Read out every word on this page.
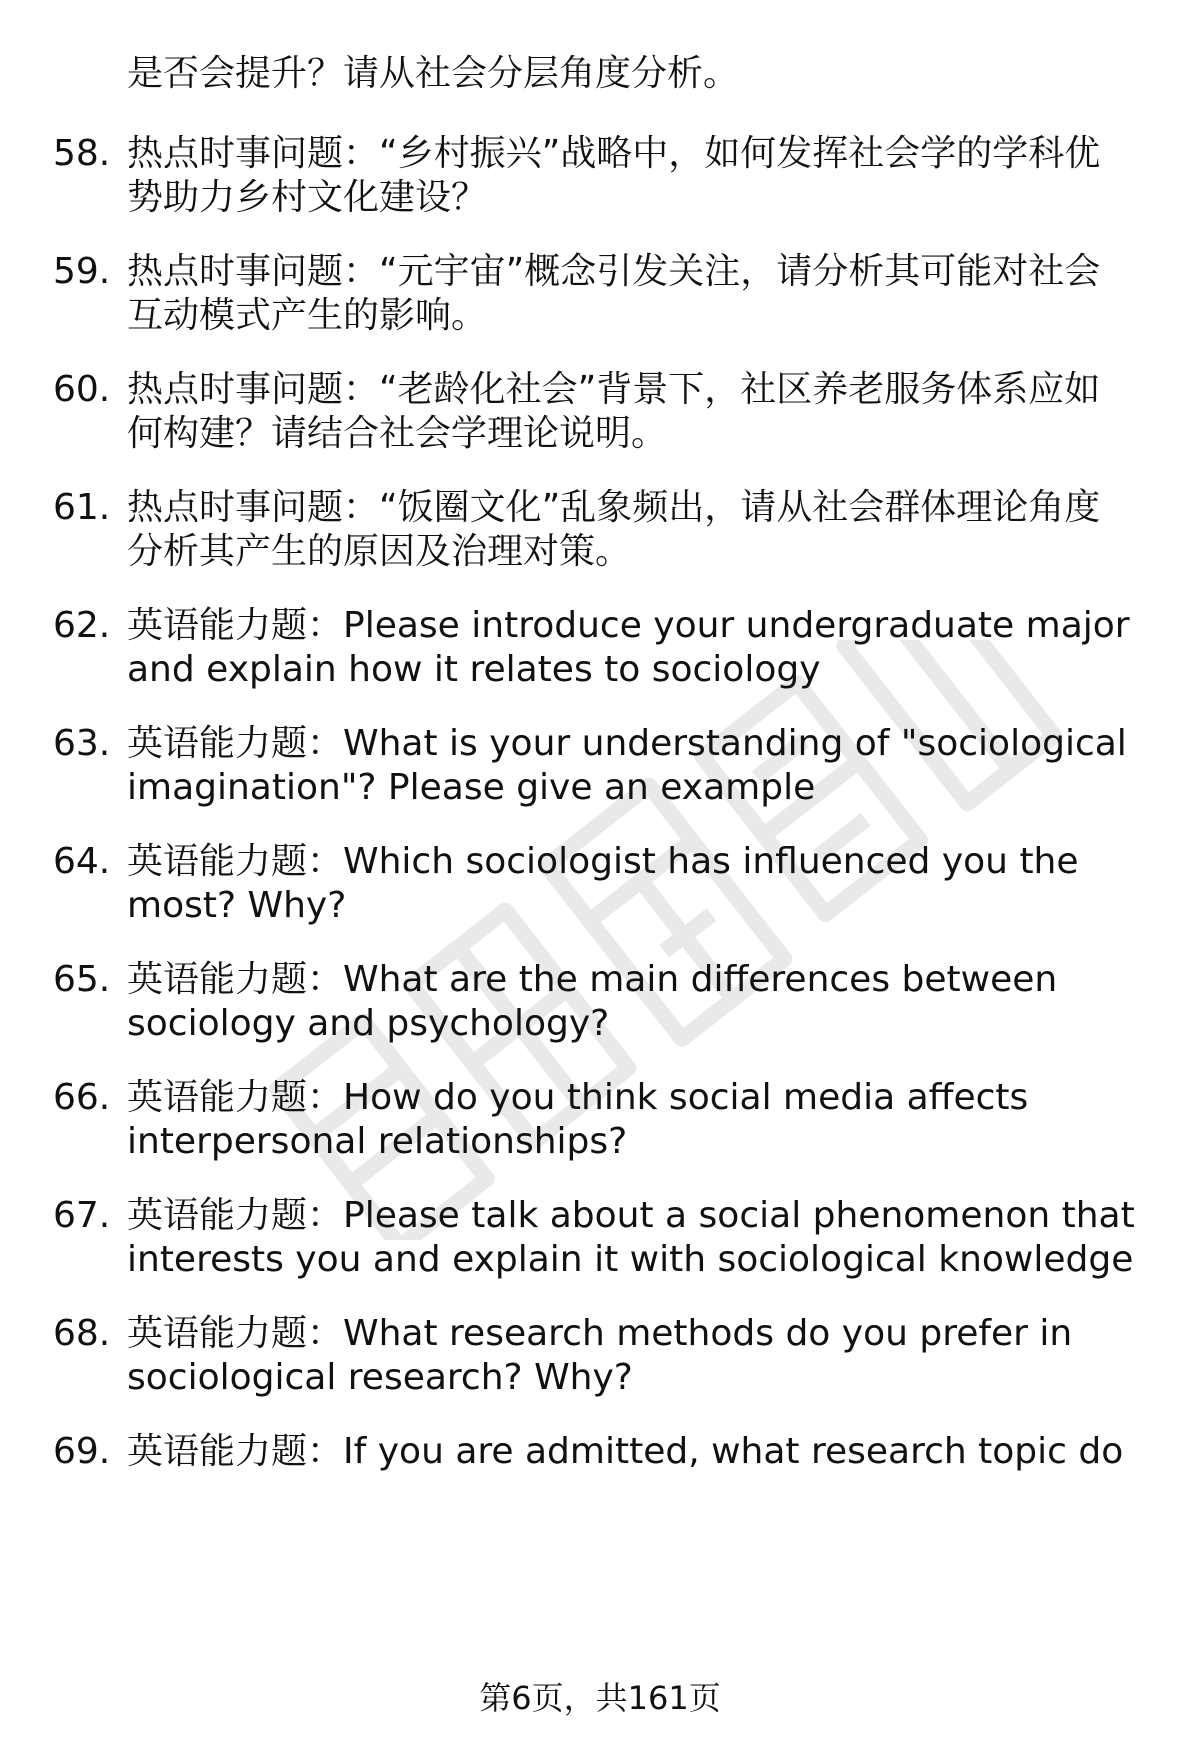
是否会提升？请从社会分层角度分析。
58. 热点时事问题：“乡村振兴”战略中，如何发挥社会学的学科优
势助力乡村文化建设？
59. 热点时事问题：“元宇宙”概念引发关注，请分析其可能对社会
互动模式产生的影响。
60. 热点时事问题：“老龄化社会”背景下，社区养老服务体系应如
何构建？请结合社会学理论说明。
61. 热点时事问题：“饭圈文化”乱象频出，请从社会群体理论角度
分析其产生的原因及治理对策。
62. 英语能力题：Please introduce your undergraduate major
and explain how it relates to sociology
63. 英语能力题：What is your understanding of "sociological
imagination"? Please give an example
64. 英语能力题：Which sociologist has influenced you the
most? Why?
65. 英语能力题：What are the main differences between
sociology and psychology?
66. 英语能力题：How do you think social media affects
interpersonal relationships?
67. 英语能力题：Please talk about a social phenomenon that
interests you and explain it with sociological knowledge
68. 英语能力题：What research methods do you prefer in
sociological research? Why?
69. 英语能力题：If you are admitted, what research topic do
第6页，共161页
